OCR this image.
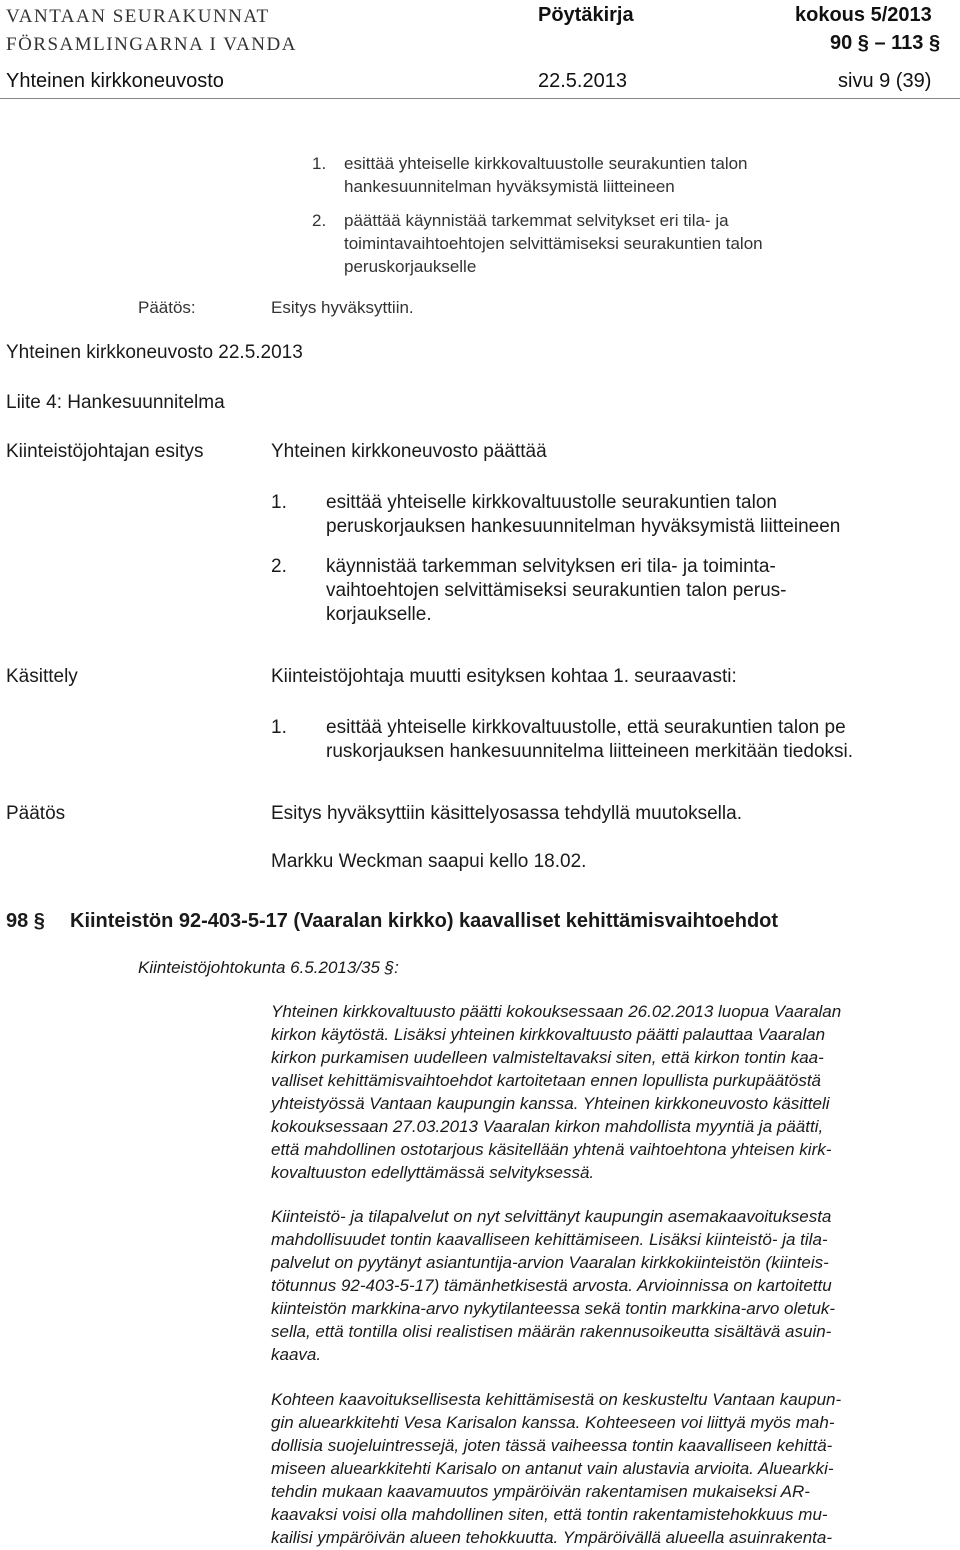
VANTAAN SEURAKUNNAT
FÖRSAMLINGARNA I VANDA
Pöytäkirja	kokous 5/2013
90 § – 113 §
Yhteinen kirkkoneuvosto	22.5.2013	sivu 9 (39)
1. esittää yhteiselle kirkkovaltuustolle seurakuntien talon
hankesuunnitelman hyväksymistä liitteineen
2. päättää käynnistää tarkemmat selvitykset eri tila- ja
toimintavaihtoehtojen selvittämiseksi seurakuntien talon
peruskorjaukselle
Päätös:	Esitys hyväksyttiin.
Yhteinen kirkkoneuvosto 22.5.2013
Liite 4: Hankesuunnitelma
Kiinteistöjohtajan esitys	Yhteinen kirkkoneuvosto päättää
1. esittää yhteiselle kirkkovaltuustolle seurakuntien talon
peruskorjauksen hankesuunnitelman hyväksymistä liitteineen
2. käynnistää tarkemman selvityksen eri tila- ja toiminta-
vaihtoehtojen selvittämiseksi seurakuntien talon perus-
korjaukselle.
Käsittely	Kiinteistöjohtaja muutti esityksen kohtaa 1. seuraavasti:
1. esittää yhteiselle kirkkovaltuustolle, että seurakuntien talon pe
ruskorjauksen hankesuunnitelma liitteineen merkitään tiedoksi.
Päätös	Esitys hyväksyttiin käsittelyosassa tehdyllä muutoksella.
Markku Weckman saapui kello 18.02.
98 § Kiinteistön 92-403-5-17 (Vaaralan kirkko) kaavalliset kehittämisvaihtoehdot
Kiinteistöjohtokunta 6.5.2013/35 §:
Yhteinen kirkkovaltuusto päätti kokouksessaan 26.02.2013 luopua Vaaralan
kirkon käytöstä. Lisäksi yhteinen kirkkovaltuusto päätti palauttaa Vaaralan
kirkon purkamisen uudelleen valmisteltavaksi siten, että kirkon tontin kaa-
valliset kehittämisvaihtoehdot kartoitetaan ennen lopullista purkupäätöstä
yhteistyössä Vantaan kaupungin kanssa. Yhteinen kirkkoneuvosto käsitteli
kokouksessaan 27.03.2013 Vaaralan kirkon mahdollista myyntiä ja päätti,
että mahdollinen ostotarjous käsitellään yhtenä vaihtoehtona yhteisen kirk-
kovaltuuston edellyttämässä selvityksessä.
Kiinteistö- ja tilapalvelut on nyt selvittänyt kaupungin asemakaavoituksesta
mahdollisuudet tontin kaavalliseen kehittämiseen. Lisäksi kiinteistö- ja tila-
palvelut on pyytänyt asiantuntija-arvion Vaaralan kirkkokiinteistön (kiinteis-
tötunnus 92-403-5-17) tämänhetkisestä arvosta. Arvioinnissa on kartoitettu
kiinteistön markkina-arvo nykytilanteessa sekä tontin markkina-arvo oletuk-
sella, että tontilla olisi realistisen määrän rakennusoikeutta sisältävä asuin-
kaava.
Kohteen kaavoituksellisesta kehittämisestä on keskusteltu Vantaan kaupun-
gin aluearkkitehti Vesa Karisalon kanssa. Kohteeseen voi liittyä myös mah-
dollisia suojeluintressejä, joten tässä vaiheessa tontin kaavalliseen kehittä-
miseen aluearkkitehti Karisalo on antanut vain alustavia arvioita. Aluearkki-
tehdin mukaan kaavamuutos ympäröivän rakentamisen mukaiseksi AR-
kaavaksi voisi olla mahdollinen siten, että tontin rakentamistehokkuus mu-
kailisi ympäröivän alueen tehokkuutta. Ympäröivällä alueella asuinrakenta-
